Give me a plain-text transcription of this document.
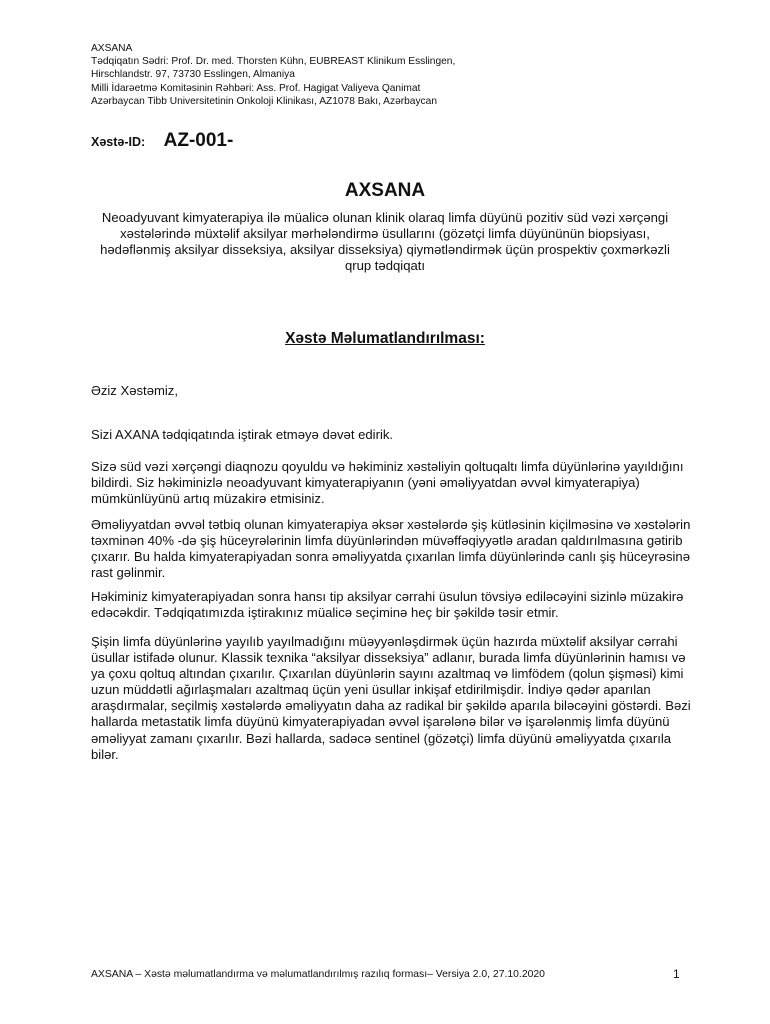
AXSANA
Tədqiqatın Sədri: Prof. Dr. med. Thorsten Kühn, EUBREAST Klinikum Esslingen,
Hirschlandstr. 97, 73730 Esslingen, Almaniya
Milli İdarəetmə Komitəsinin Rəhbəri: Ass. Prof. Hagigat Valiyeva Qanimat
Azərbaycan Tibb Universitetinin Onkoloji Klinikası, AZ1078 Bakı, Azərbaycan
Xəstə-ID: AZ-001-
AXSANA
Neoadyuvant kimyaterapiya ilə müalicə olunan klinik olaraq limfa düyünü pozitiv süd vəzi xərçəngi xəstələrində müxtəlif aksilyar mərhələndirmə üsullarını (gözətçi limfa düyününün biopsiyası, hədəflənmiş aksilyar disseksiya, aksilyar disseksiya) qiymətləndirmək üçün prospektiv çoxmərkəzli qrup tədqiqatı
Xəstə Məlumatlandırılması:

Əziz Xəstəmiz,

Sizi AXANA tədqiqatında iştirak etməyə dəvət edirik.

Sizə süd vəzi xərçəngi diaqnozu qoyuldu və həkiminiz xəstəliyin qoltuqaltı limfa düyünlərinə yayıldığını bildirdi. Siz həkiminizlə neoadyuvant kimyaterapiyanın (yəni əməliyyatdan əvvəl kimyaterapiya) mümkünlüyünü artıq müzakirə etmisiniz.

Əməliyyatdan əvvəl tətbiq olunan kimyaterapiya əksər xəstələrdə şiş kütləsinin kiçilməsinə və xəstələrin təxminən 40% -də şiş hüceyrələrinin limfa düyünlərindən müvəffəqiyyətlə aradan qaldırılmasına gətirib çıxarır. Bu halda kimyaterapiyadan sonra əməliyyatda çıxarılan limfa düyünlərində canlı şiş hüceyrəsinə rast gəlinmir.

Həkiminiz kimyaterapiyadan sonra hansı tip aksilyar cərrahi üsulun tövsiyə ediləcəyini sizinlə müzakirə edəcəkdir. Tədqiqatımızda iştirakınız müalicə seçiminə heç bir şəkildə təsir etmir.

Şişin limfa düyünlərinə yayılıb yayılmadığını müəyyənləşdirmək üçün hazırda müxtəlif aksilyar cərrahi üsullar istifadə olunur. Klassik texnika “aksilyar disseksiya” adlanır, burada limfa düyünlərinin hamısı və ya çoxu qoltuq altından çıxarılır. Çıxarılan düyünlərin sayını azaltmaq və limfödem (qolun şişməsi) kimi uzun müddətli ağırlaşmaları azaltmaq üçün yeni üsullar inkişaf etdirilmişdir. İndiyə qədər aparılan araşdırmalar, seçilmiş xəstələrdə əməliyyatın daha az radikal bir şəkildə aparıla biləcəyini göstərdi. Bəzi hallarda metastatik limfa düyünü kimyaterapiyadan əvvəl işarələnə bilər və işarələnmiş limfa düyünü əməliyyat zamanı çıxarılır. Bəzi hallarda, sadəcə sentinel (gözətçi) limfa düyünü əməliyyatda çıxarıla bilər.

AXSANA – Xəstə məlumatlandırma və məlumatlandırılmış razılıq forması– Versiya 2.0, 27.10.2020	1
